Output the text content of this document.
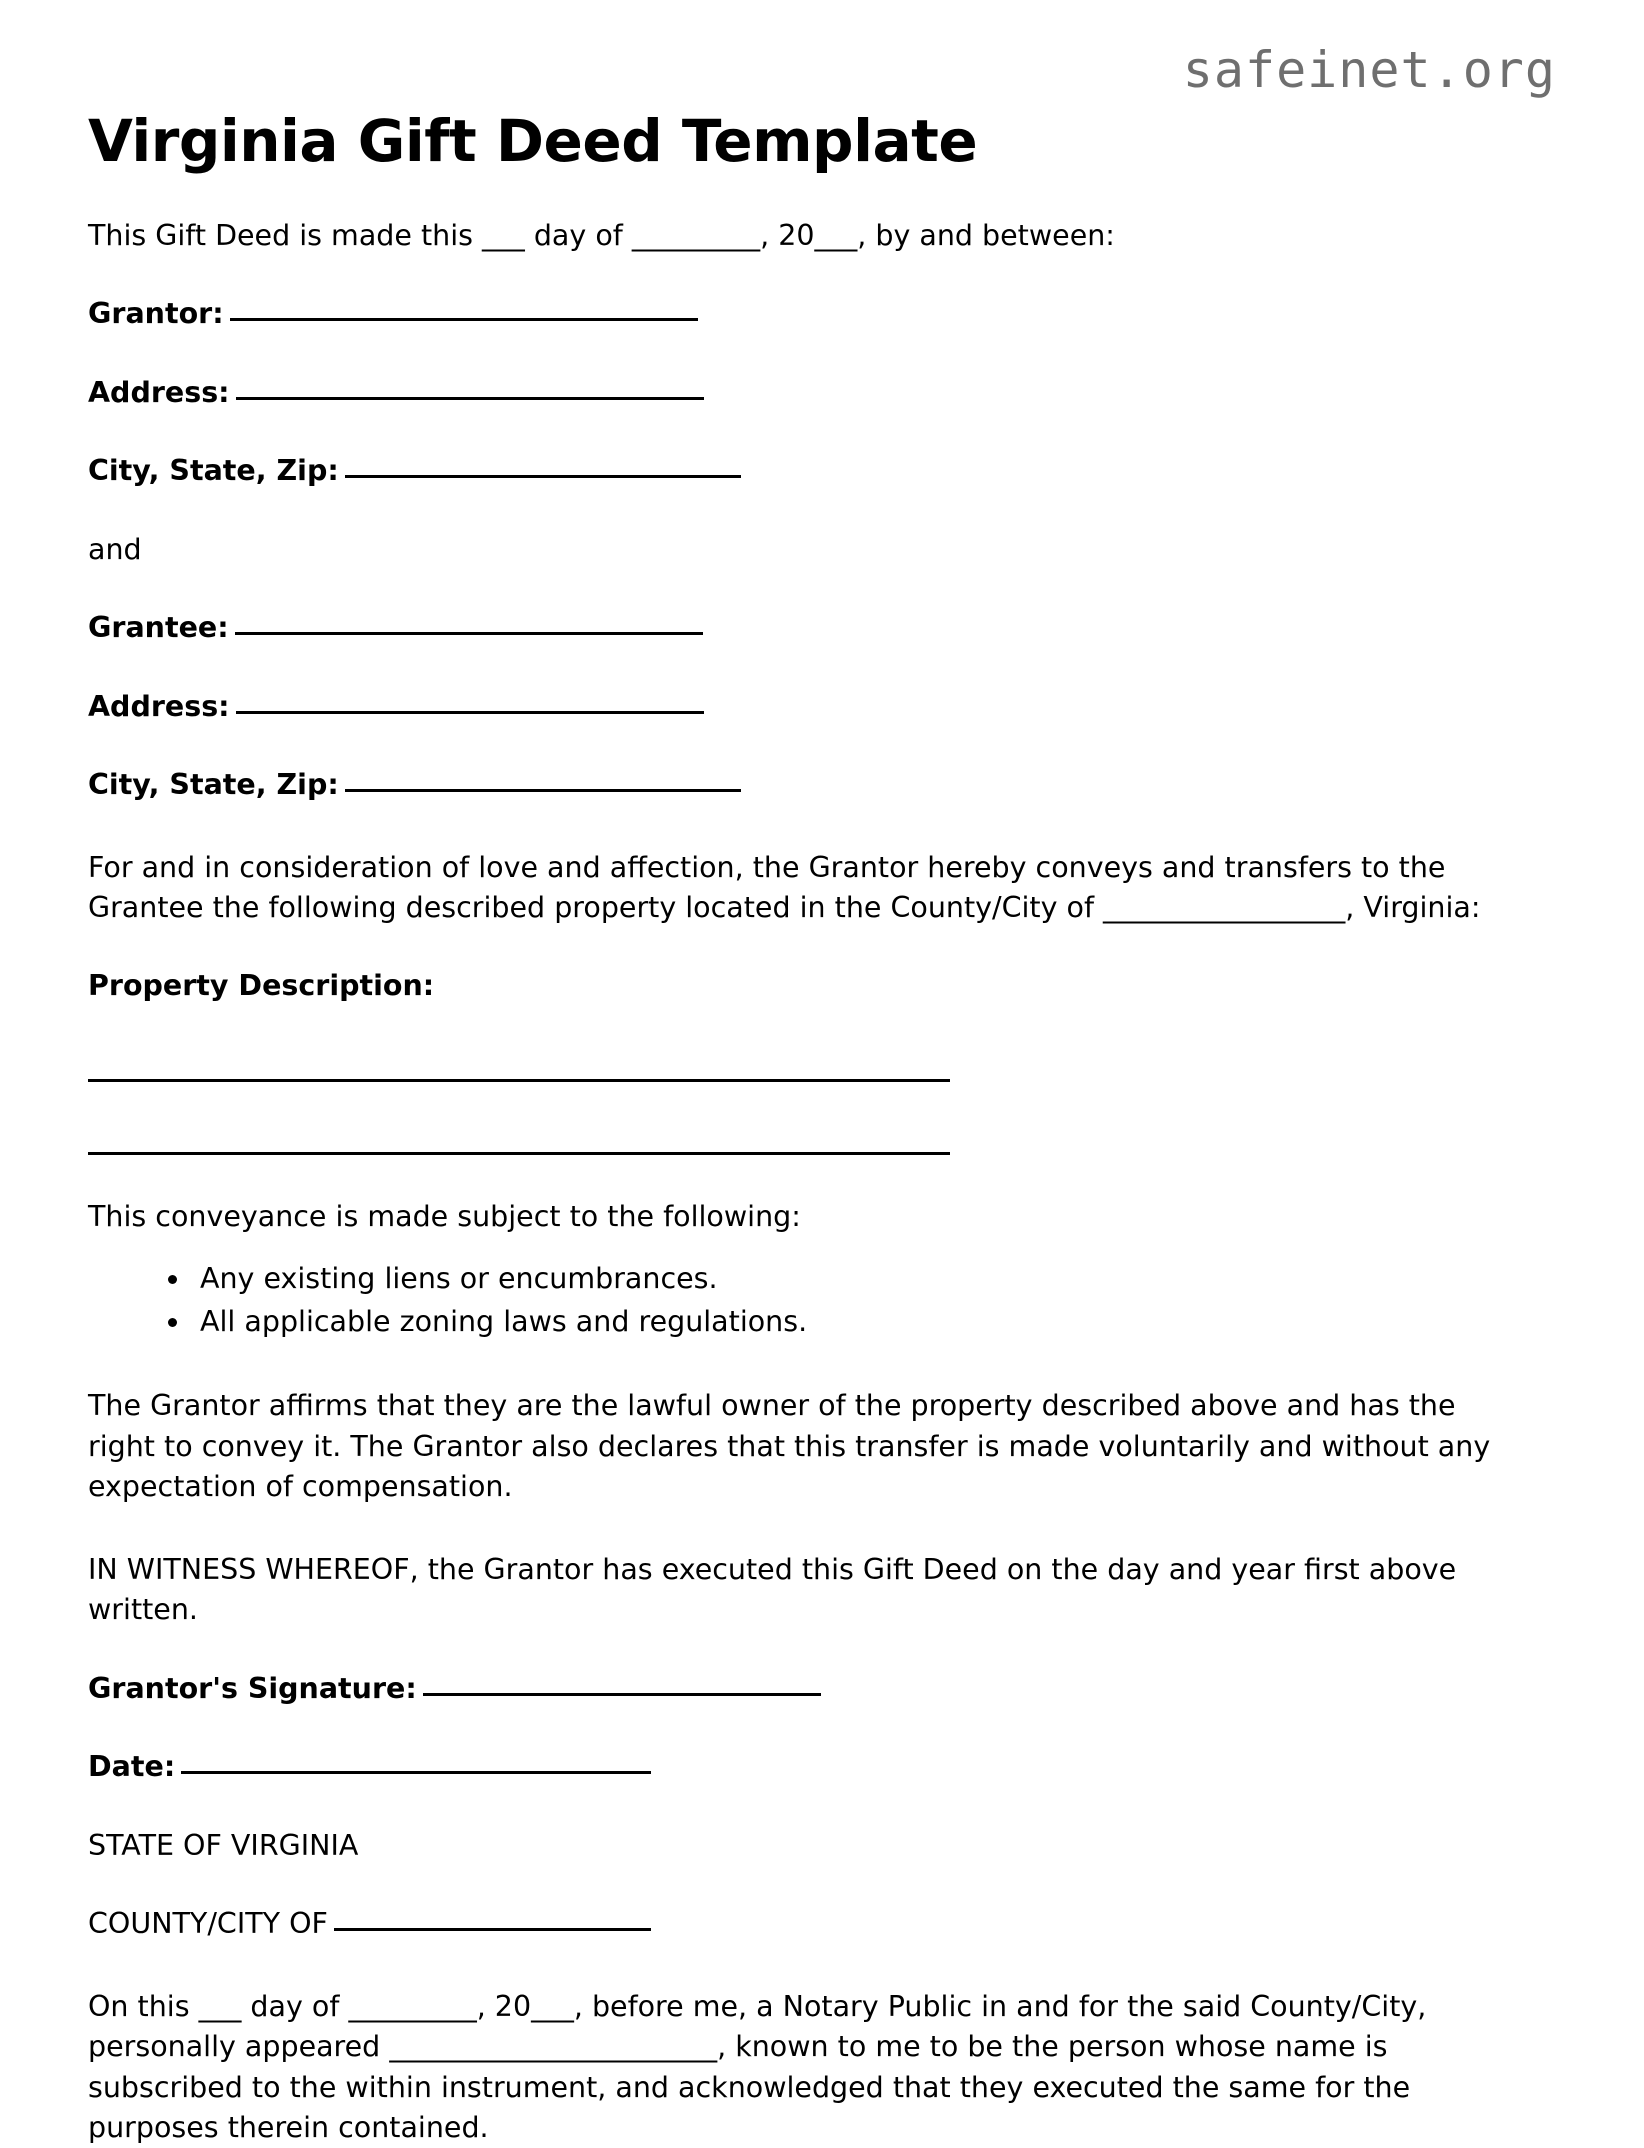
safeinet.org
Virginia Gift Deed Template

This Gift Deed is made this ___ day of _________, 20___, by and between:

Grantor:

Address:

City, State, Zip:

and

Grantee:

Address:

City, State, Zip:

For and in consideration of love and affection, the Grantor hereby conveys and transfers to the Grantee the following described property located in the County/City of _________________, Virginia:

Property Description:

This conveyance is made subject to the following:

• Any existing liens or encumbrances.
• All applicable zoning laws and regulations.

The Grantor affirms that they are the lawful owner of the property described above and has the right to convey it. The Grantor also declares that this transfer is made voluntarily and without any expectation of compensation.

IN WITNESS WHEREOF, the Grantor has executed this Gift Deed on the day and year first above written.

Grantor's Signature:

Date:

STATE OF VIRGINIA

COUNTY/CITY OF

On this ___ day of _________, 20___, before me, a Notary Public in and for the said County/City, personally appeared _______________________, known to me to be the person whose name is subscribed to the within instrument, and acknowledged that they executed the same for the purposes therein contained.
